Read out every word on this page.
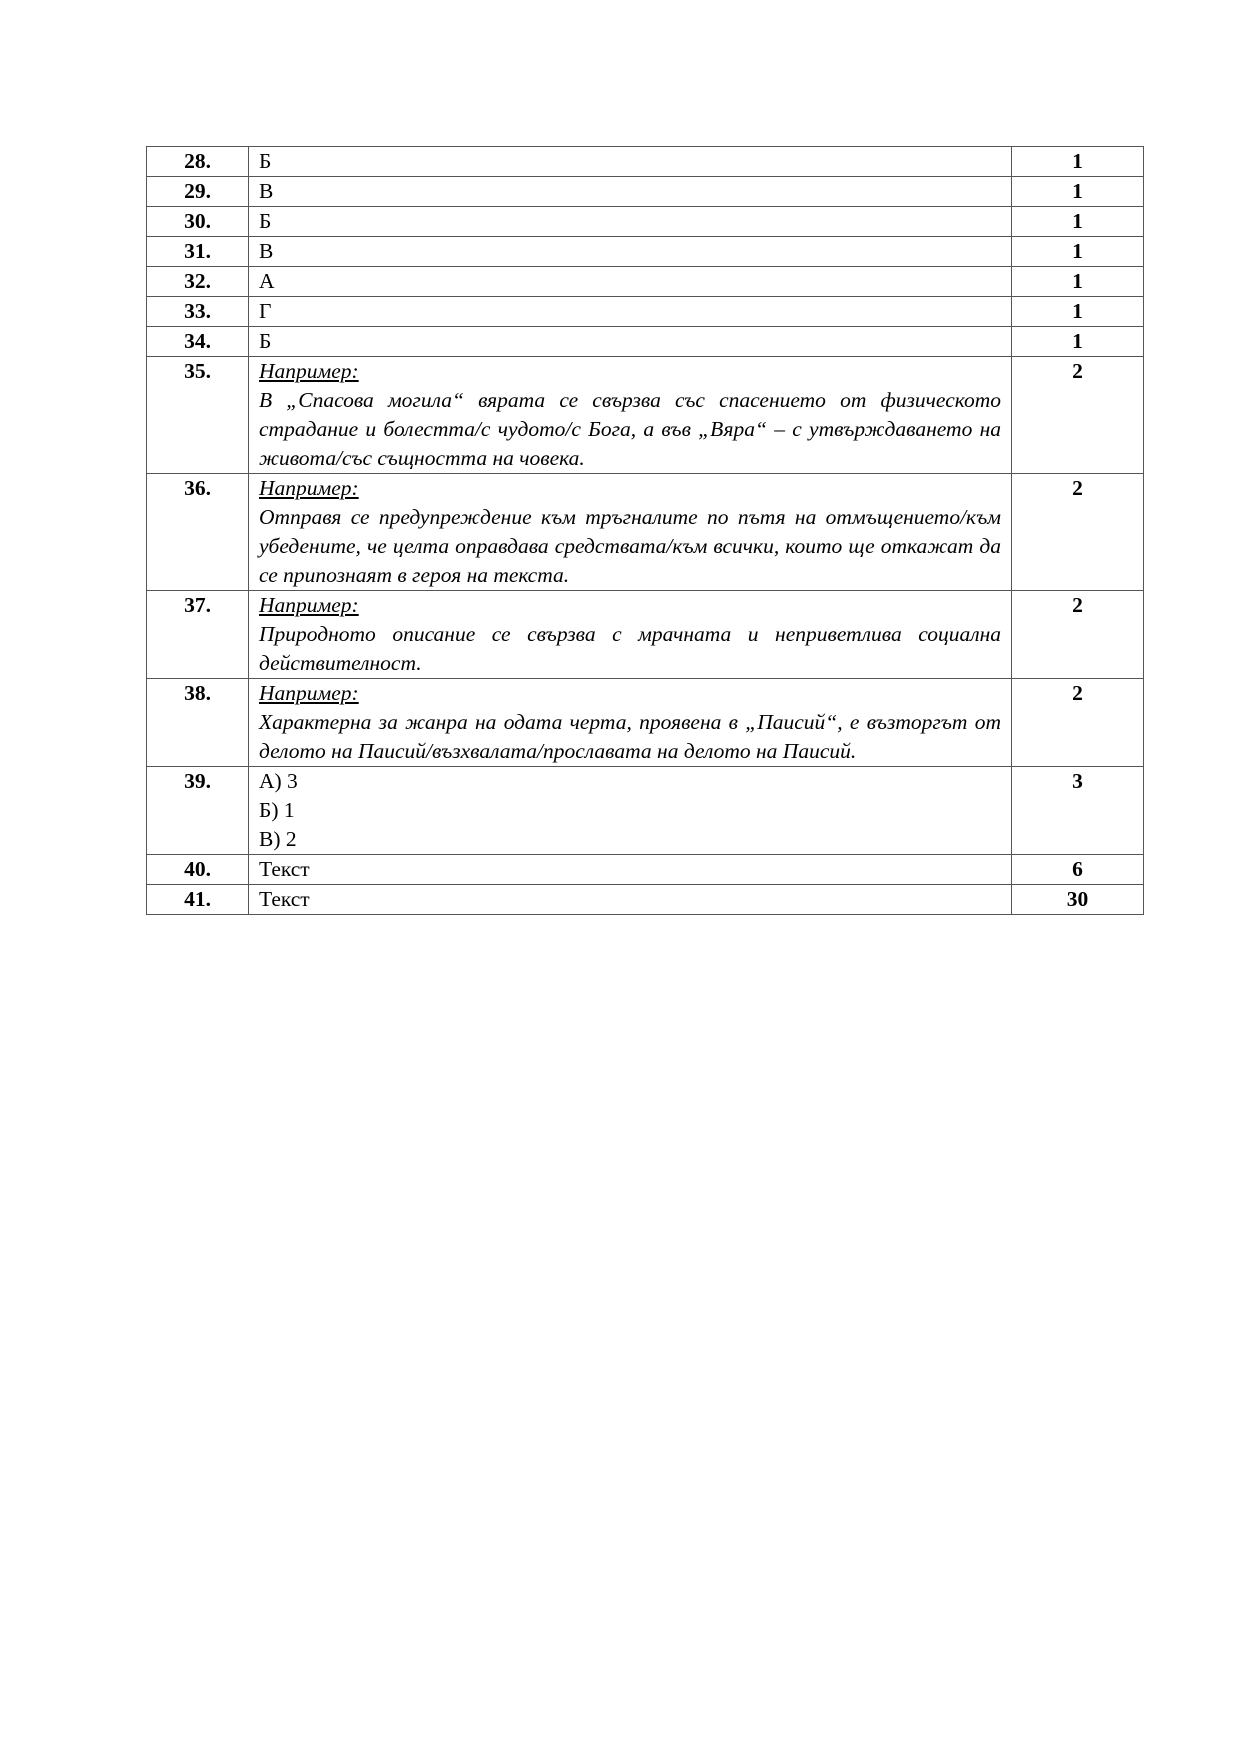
28.	Б	1
29.	В	1
30.	Б	1
31.	В	1
32.	А	1
33.	Г	1
34.	Б	1
35.	Например:
В „Спасова могила“ вярата се свързва със спасението от физическото страдание и болестта/с чудото/с Бога, а във „Вяра“ – с утвърждаването на живота/със същността на човека.	2
36.	Например:
Отправя се предупреждение към тръгналите по пътя на отмъщението/към убедените, че целта оправдава средствата/към всички, които ще откажат да се припознаят в героя на текста.	2
37.	Например:
Природното описание се свързва с мрачната и неприветлива социална действителност.	2
38.	Например:
Характерна за жанра на одата черта, проявена в „Паисий“, е възторгът от делото на Паисий/възхвалата/прославата на делото на Паисий.	2
39.	А) 3
Б) 1
В) 2	3
40.	Текст	6
41.	Текст	30
